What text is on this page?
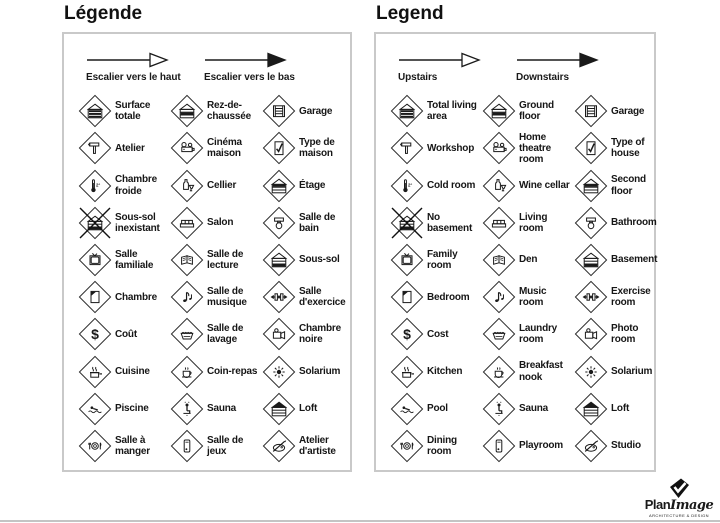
Légende
Escalier vers le haut	Escalier vers le bas
Surface totale
Rez-de-chaussée
Garage
Atelier
Cinéma maison
Type de maison
Chambre froide
Cellier	Étage
Sous-sol inexistant
Salon
Salle de bain
Salle familiale
Salle de lecture
Sous-sol
Chambre
Salle de musique
Salle d'exercice
Coût
Salle de lavage
Chambre noire
Cuisine	Coin-repas	Solarium
Piscine	Sauna	Loft
Salle à manger
Salle de jeux
Atelier d'artiste
Legend
Upstairs	Downstairs
Total living area
Ground floor
Garage
Workshop
Home theatre room
Type of house
Cold room	Wine cellar
Second floor
No basement
Living room
Bathroom
Family room
Den	Basement
Bedroom
Music room
Exercise room
Cost
Laundry room
Photo room
Kitchen
Breakfast nook
Solarium
Pool	Sauna	Loft
Dining room
Playroom	Studio
PlanImage
ARCHITECTURE & DESIGN
